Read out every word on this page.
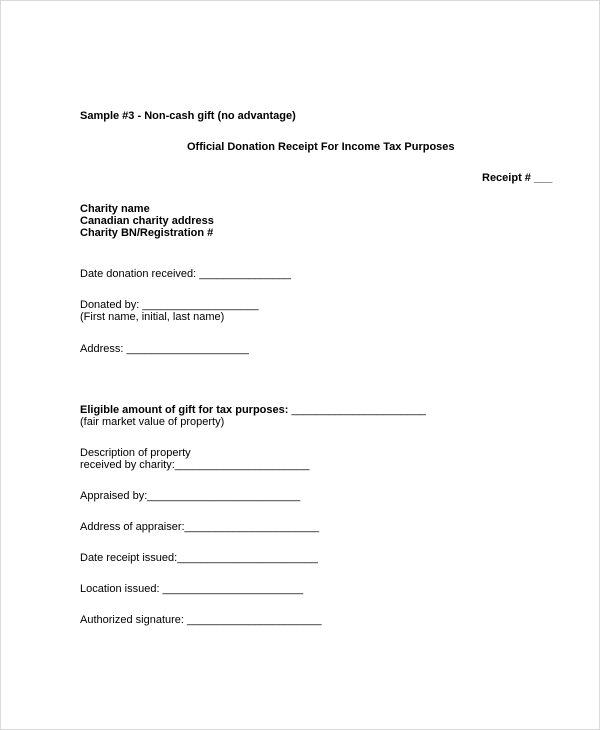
Sample #3 - Non-cash gift (no advantage)
Official Donation Receipt For Income Tax Purposes
Receipt # ___
Charity name
Canadian charity address
Charity BN/Registration #
Date donation received: _______________
Donated by: ___________________
(First name, initial, last name)
Address: ____________________
Eligible amount of gift for tax purposes: ______________________
(fair market value of property)
Description of property
received by charity:______________________
Appraised by:_________________________
Address of appraiser:______________________
Date receipt issued:_______________________
Location issued: _______________________
Authorized signature: ______________________
